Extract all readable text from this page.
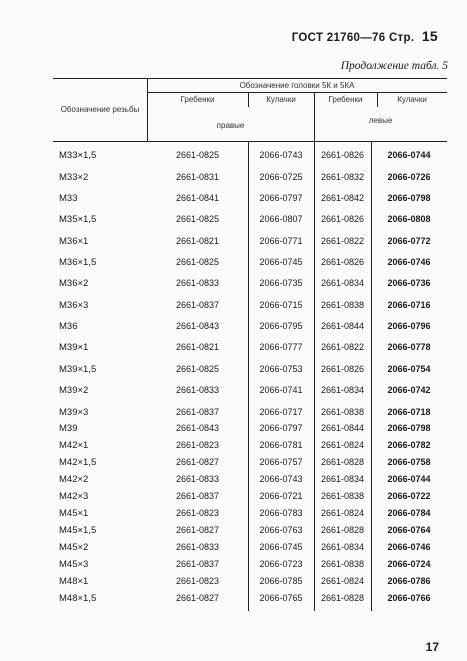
ГОСТ 21760—76 Стр. 15
Продолжение табл. 5
Обозначение резьбы
Обозначение головки 5К и 5КА
Гребенки	Кулачки	Гребенки	Кулачки
правые
левые
М33×1,5	2661-0825	2066-0743	2661-0826	2066-0744
М33×2	2661-0831	2066-0725	2661-0832	2066-0726
М33	2661-0841	2066-0797	2661-0842	2066-0798
М35×1,5	2661-0825	2066-0807	2661-0826	2066-0808
М36×1	2661-0821	2066-0771	2661-0822	2066-0772
М36×1,5	2661-0825	2066-0745	2661-0826	2066-0746
М36×2	2661-0833	2066-0735	2661-0834	2066-0736
М36×3	2661-0837	2066-0715	2661-0838	2066-0716
М36	2661-0843	2066-0795	2661-0844	2066-0796
М39×1	2661-0821	2066-0777	2661-0822	2066-0778
М39×1,5	2661-0825	2066-0753	2661-0826	2066-0754
М39×2	2661-0833	2066-0741	2661-0834	2066-0742
М39×3	2661-0837	2066-0717	2661-0838	2066-0718
М39	2661-0843	2066-0797	2661-0844	2066-0798
М42×1	2661-0823	2066-0781	2661-0824	2066-0782
М42×1,5	2661-0827	2066-0757	2661-0828	2066-0758
М42×2	2661-0833	2066-0743	2661-0834	2066-0744
М42×3	2661-0837	2066-0721	2661-0838	2066-0722
М45×1	2661-0823	2066-0783	2661-0824	2066-0784
М45×1,5	2661-0827	2066-0763	2661-0828	2066-0764
М45×2	2661-0833	2066-0745	2661-0834	2066-0746
М45×3	2661-0837	2066-0723	2661-0838	2066-0724
М48×1	2661-0823	2066-0785	2661-0824	2066-0786
М48×1,5	2661-0827	2066-0765	2661-0828	2066-0766
17
